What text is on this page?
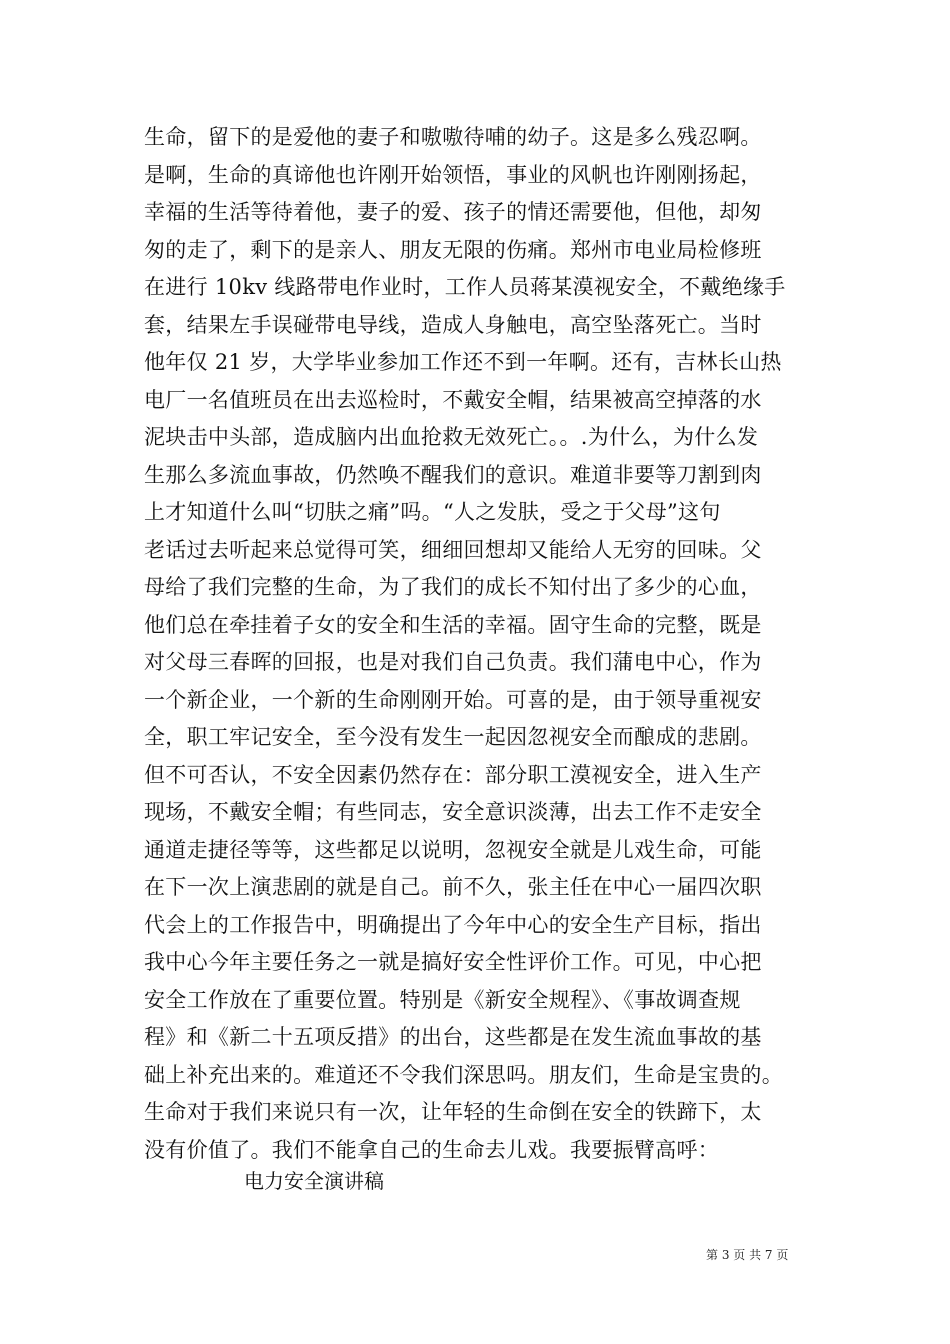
生命，留下的是爱他的妻子和嗷嗷待哺的幼子。这是多么残忍啊。
是啊，生命的真谛他也许刚开始领悟，事业的风帆也许刚刚扬起，
幸福的生活等待着他，妻子的爱、孩子的情还需要他，但他，却匆
匆的走了，剩下的是亲人、朋友无限的伤痛。郑州市电业局检修班
在进行 10kv 线路带电作业时，工作人员蒋某漠视安全，不戴绝缘手
套，结果左手误碰带电导线，造成人身触电，高空坠落死亡。当时
他年仅 21 岁，大学毕业参加工作还不到一年啊。还有，吉林长山热
电厂一名值班员在出去巡检时，不戴安全帽，结果被高空掉落的水
泥块击中头部，造成脑内出血抢救无效死亡。。.为什么，为什么发
生那么多流血事故，仍然唤不醒我们的意识。难道非要等刀割到肉
上才知道什么叫“切肤之痛”吗。“人之发肤，受之于父母”这句
老话过去听起来总觉得可笑，细细回想却又能给人无穷的回味。父
母给了我们完整的生命，为了我们的成长不知付出了多少的心血，
他们总在牵挂着子女的安全和生活的幸福。固守生命的完整，既是
对父母三春晖的回报，也是对我们自己负责。我们蒲电中心，作为
一个新企业，一个新的生命刚刚开始。可喜的是，由于领导重视安
全，职工牢记安全，至今没有发生一起因忽视安全而酿成的悲剧。
但不可否认，不安全因素仍然存在：部分职工漠视安全，进入生产
现场，不戴安全帽；有些同志，安全意识淡薄，出去工作不走安全
通道走捷径等等，这些都足以说明，忽视安全就是儿戏生命，可能
在下一次上演悲剧的就是自己。前不久，张主任在中心一届四次职
代会上的工作报告中，明确提出了今年中心的安全生产目标，指出
我中心今年主要任务之一就是搞好安全性评价工作。可见，中心把
安全工作放在了重要位置。特别是《新安全规程》、《事故调查规
程》和《新二十五项反措》的出台，这些都是在发生流血事故的基
础上补充出来的。难道还不令我们深思吗。朋友们，生命是宝贵的。
生命对于我们来说只有一次，让年轻的生命倒在安全的铁蹄下，太
没有价值了。我们不能拿自己的生命去儿戏。我要振臂高呼：
电力安全演讲稿
第 3 页 共 7 页
